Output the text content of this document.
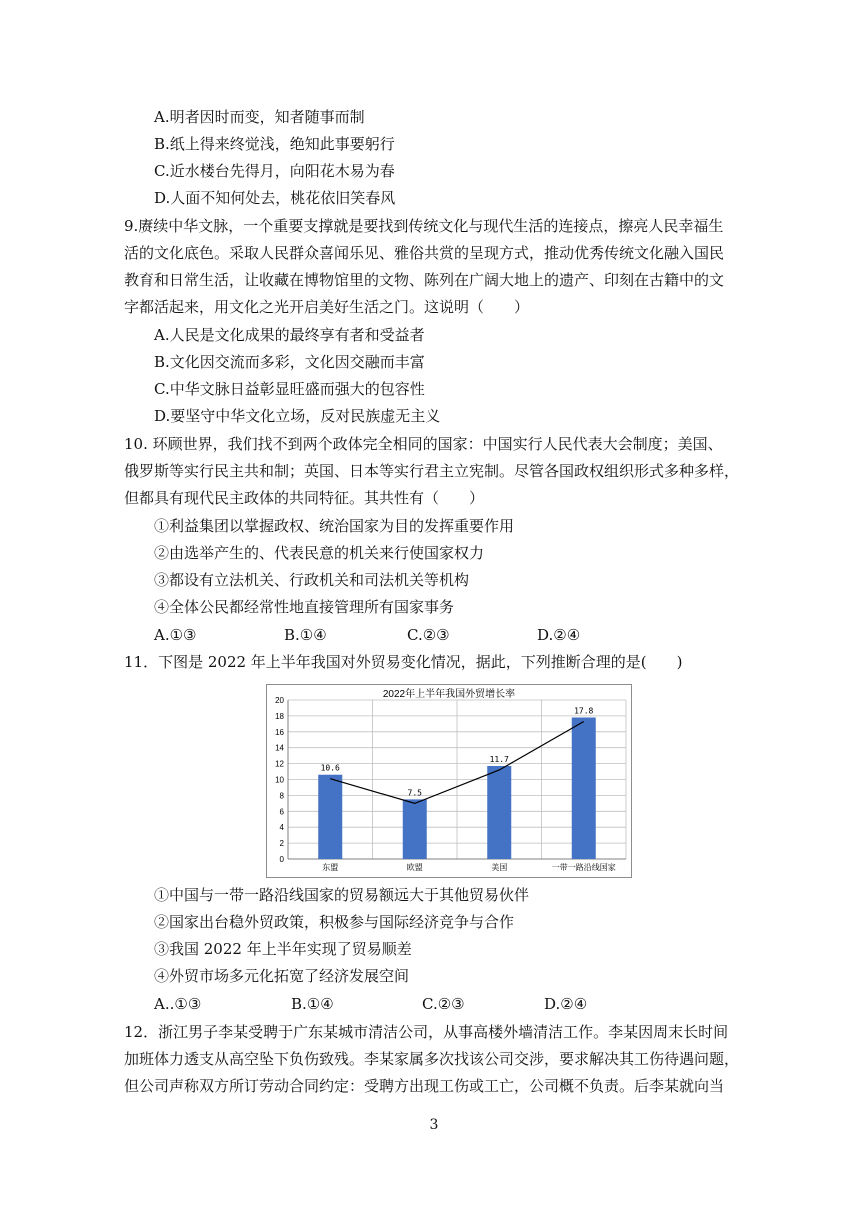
A.明者因时而变，知者随事而制
B.纸上得来终觉浅，绝知此事要躬行
C.近水楼台先得月，向阳花木易为春
D.人面不知何处去，桃花依旧笑春风
9.赓续中华文脉，一个重要支撑就是要找到传统文化与现代生活的连接点，擦亮人民幸福生
活的文化底色。采取人民群众喜闻乐见、雅俗共赏的呈现方式，推动优秀传统文化融入国民
教育和日常生活，让收藏在博物馆里的文物、陈列在广阔大地上的遗产、印刻在古籍中的文
字都活起来，用文化之光开启美好生活之门。这说明（　　）
A.人民是文化成果的最终享有者和受益者
B.文化因交流而多彩，文化因交融而丰富
C.中华文脉日益彰显旺盛而强大的包容性
D.要坚守中华文化立场，反对民族虚无主义
10. 环顾世界，我们找不到两个政体完全相同的国家：中国实行人民代表大会制度；美国、
俄罗斯等实行民主共和制；英国、日本等实行君主立宪制。尽管各国政权组织形式多种多样，
但都具有现代民主政体的共同特征。其共性有（　　）
①利益集团以掌握政权、统治国家为目的发挥重要作用
②由选举产生的、代表民意的机关来行使国家权力
③都设有立法机关、行政机关和司法机关等机构
④全体公民都经常性地直接管理所有国家事务
A.①③	B.①④	C.②③	D.②④
11．下图是 2022 年上半年我国对外贸易变化情况，据此，下列推断合理的是(　　)
2022年上半年我国外贸增长率
0
2
4
6
8
10
12
14
16
18
20
10.6
东盟
7.5
欧盟
11.7
美国
17.8
一带一路沿线国家
①中国与一带一路沿线国家的贸易额远大于其他贸易伙伴
②国家出台稳外贸政策，积极参与国际经济竞争与合作
③我国 2022 年上半年实现了贸易顺差
④外贸市场多元化拓宽了经济发展空间
A..①③	B.①④	C.②③	D.②④
12．浙江男子李某受聘于广东某城市清洁公司，从事高楼外墙清洁工作。李某因周末长时间
加班体力透支从高空坠下负伤致残。李某家属多次找该公司交涉，要求解决其工伤待遇问题，
但公司声称双方所订劳动合同约定：受聘方出现工伤或工亡，公司概不负责。后李某就向当
3
